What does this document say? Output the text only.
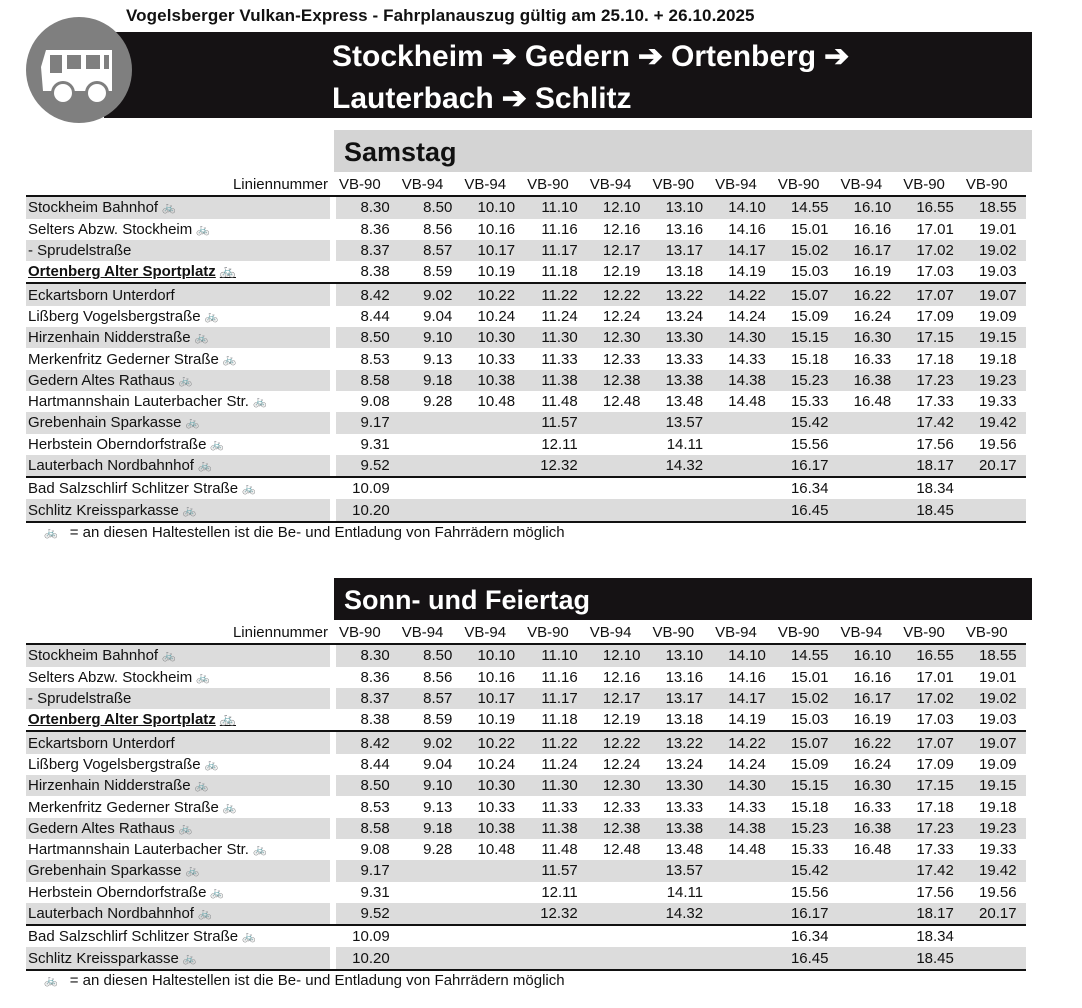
Vogelsberger Vulkan-Express - Fahrplanauszug gültig am 25.10. + 26.10.2025
Stockheim ➔ Gedern ➔ Ortenberg ➔
Lauterbach ➔ Schlitz
Samstag
Liniennummer		VB-90	VB-94	VB-94	VB-90	VB-94	VB-90	VB-94	VB-90	VB-94	VB-90	VB-90
Stockheim Bahnhof 🚲		8.30	8.50	10.10	11.10	12.10	13.10	14.10	14.55	16.10	16.55	18.55
Selters Abzw. Stockheim 🚲		8.36	8.56	10.16	11.16	12.16	13.16	14.16	15.01	16.16	17.01	19.01
- Sprudelstraße		8.37	8.57	10.17	11.17	12.17	13.17	14.17	15.02	16.17	17.02	19.02
Ortenberg Alter Sportplatz 🚲		8.38	8.59	10.19	11.18	12.19	13.18	14.19	15.03	16.19	17.03	19.03
Eckartsborn Unterdorf		8.42	9.02	10.22	11.22	12.22	13.22	14.22	15.07	16.22	17.07	19.07
Lißberg Vogelsbergstraße 🚲		8.44	9.04	10.24	11.24	12.24	13.24	14.24	15.09	16.24	17.09	19.09
Hirzenhain Nidderstraße 🚲		8.50	9.10	10.30	11.30	12.30	13.30	14.30	15.15	16.30	17.15	19.15
Merkenfritz Gederner Straße 🚲		8.53	9.13	10.33	11.33	12.33	13.33	14.33	15.18	16.33	17.18	19.18
Gedern Altes Rathaus 🚲		8.58	9.18	10.38	11.38	12.38	13.38	14.38	15.23	16.38	17.23	19.23
Hartmannshain Lauterbacher Str. 🚲		9.08	9.28	10.48	11.48	12.48	13.48	14.48	15.33	16.48	17.33	19.33
Grebenhain Sparkasse 🚲		9.17			11.57		13.57		15.42		17.42	19.42
Herbstein Oberndorfstraße 🚲		9.31			12.11		14.11		15.56		17.56	19.56
Lauterbach Nordbahnhof 🚲		9.52			12.32		14.32		16.17		18.17	20.17
Bad Salzschlirf Schlitzer Straße 🚲		10.09							16.34		18.34	
Schlitz Kreissparkasse 🚲		10.20							16.45		18.45	
🚲 = an diesen Haltestellen ist die Be- und Entladung von Fahrrädern möglich
Sonn- und Feiertag
Liniennummer		VB-90	VB-94	VB-94	VB-90	VB-94	VB-90	VB-94	VB-90	VB-94	VB-90	VB-90
Stockheim Bahnhof 🚲		8.30	8.50	10.10	11.10	12.10	13.10	14.10	14.55	16.10	16.55	18.55
Selters Abzw. Stockheim 🚲		8.36	8.56	10.16	11.16	12.16	13.16	14.16	15.01	16.16	17.01	19.01
- Sprudelstraße		8.37	8.57	10.17	11.17	12.17	13.17	14.17	15.02	16.17	17.02	19.02
Ortenberg Alter Sportplatz 🚲		8.38	8.59	10.19	11.18	12.19	13.18	14.19	15.03	16.19	17.03	19.03
Eckartsborn Unterdorf		8.42	9.02	10.22	11.22	12.22	13.22	14.22	15.07	16.22	17.07	19.07
Lißberg Vogelsbergstraße 🚲		8.44	9.04	10.24	11.24	12.24	13.24	14.24	15.09	16.24	17.09	19.09
Hirzenhain Nidderstraße 🚲		8.50	9.10	10.30	11.30	12.30	13.30	14.30	15.15	16.30	17.15	19.15
Merkenfritz Gederner Straße 🚲		8.53	9.13	10.33	11.33	12.33	13.33	14.33	15.18	16.33	17.18	19.18
Gedern Altes Rathaus 🚲		8.58	9.18	10.38	11.38	12.38	13.38	14.38	15.23	16.38	17.23	19.23
Hartmannshain Lauterbacher Str. 🚲		9.08	9.28	10.48	11.48	12.48	13.48	14.48	15.33	16.48	17.33	19.33
Grebenhain Sparkasse 🚲		9.17			11.57		13.57		15.42		17.42	19.42
Herbstein Oberndorfstraße 🚲		9.31			12.11		14.11		15.56		17.56	19.56
Lauterbach Nordbahnhof 🚲		9.52			12.32		14.32		16.17		18.17	20.17
Bad Salzschlirf Schlitzer Straße 🚲		10.09							16.34		18.34	
Schlitz Kreissparkasse 🚲		10.20							16.45		18.45	
🚲 = an diesen Haltestellen ist die Be- und Entladung von Fahrrädern möglich
